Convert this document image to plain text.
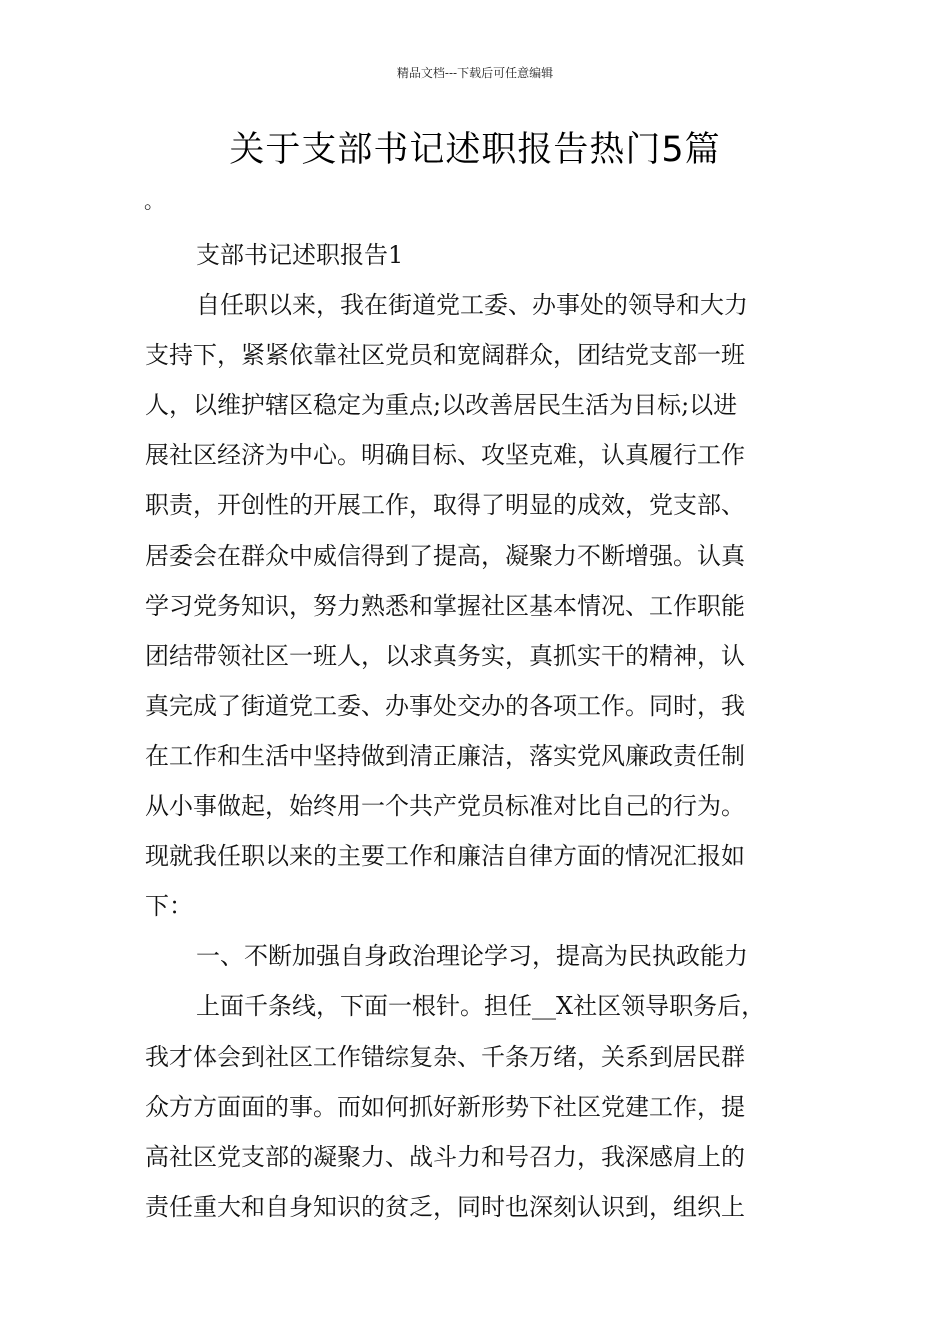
精品文档---下载后可任意编辑
关于支部书记述职报告热门5篇
。
支部书记述职报告1
自任职以来，我在街道党工委、办事处的领导和大力
支持下，紧紧依靠社区党员和宽阔群众，团结党支部一班
人，以维护辖区稳定为重点;以改善居民生活为目标;以进
展社区经济为中心。明确目标、攻坚克难，认真履行工作
职责，开创性的开展工作，取得了明显的成效，党支部、
居委会在群众中威信得到了提高，凝聚力不断增强。认真
学习党务知识，努力熟悉和掌握社区基本情况、工作职能
团结带领社区一班人，以求真务实，真抓实干的精神，认
真完成了街道党工委、办事处交办的各项工作。同时，我
在工作和生活中坚持做到清正廉洁，落实党风廉政责任制
从小事做起，始终用一个共产党员标准对比自己的行为。
现就我任职以来的主要工作和廉洁自律方面的情况汇报如
下：
一、不断加强自身政治理论学习，提高为民执政能力
上面千条线，下面一根针。担任__X社区领导职务后，
我才体会到社区工作错综复杂、千条万绪，关系到居民群
众方方面面的事。而如何抓好新形势下社区党建工作，提
高社区党支部的凝聚力、战斗力和号召力，我深感肩上的
责任重大和自身知识的贫乏，同时也深刻认识到，组织上
